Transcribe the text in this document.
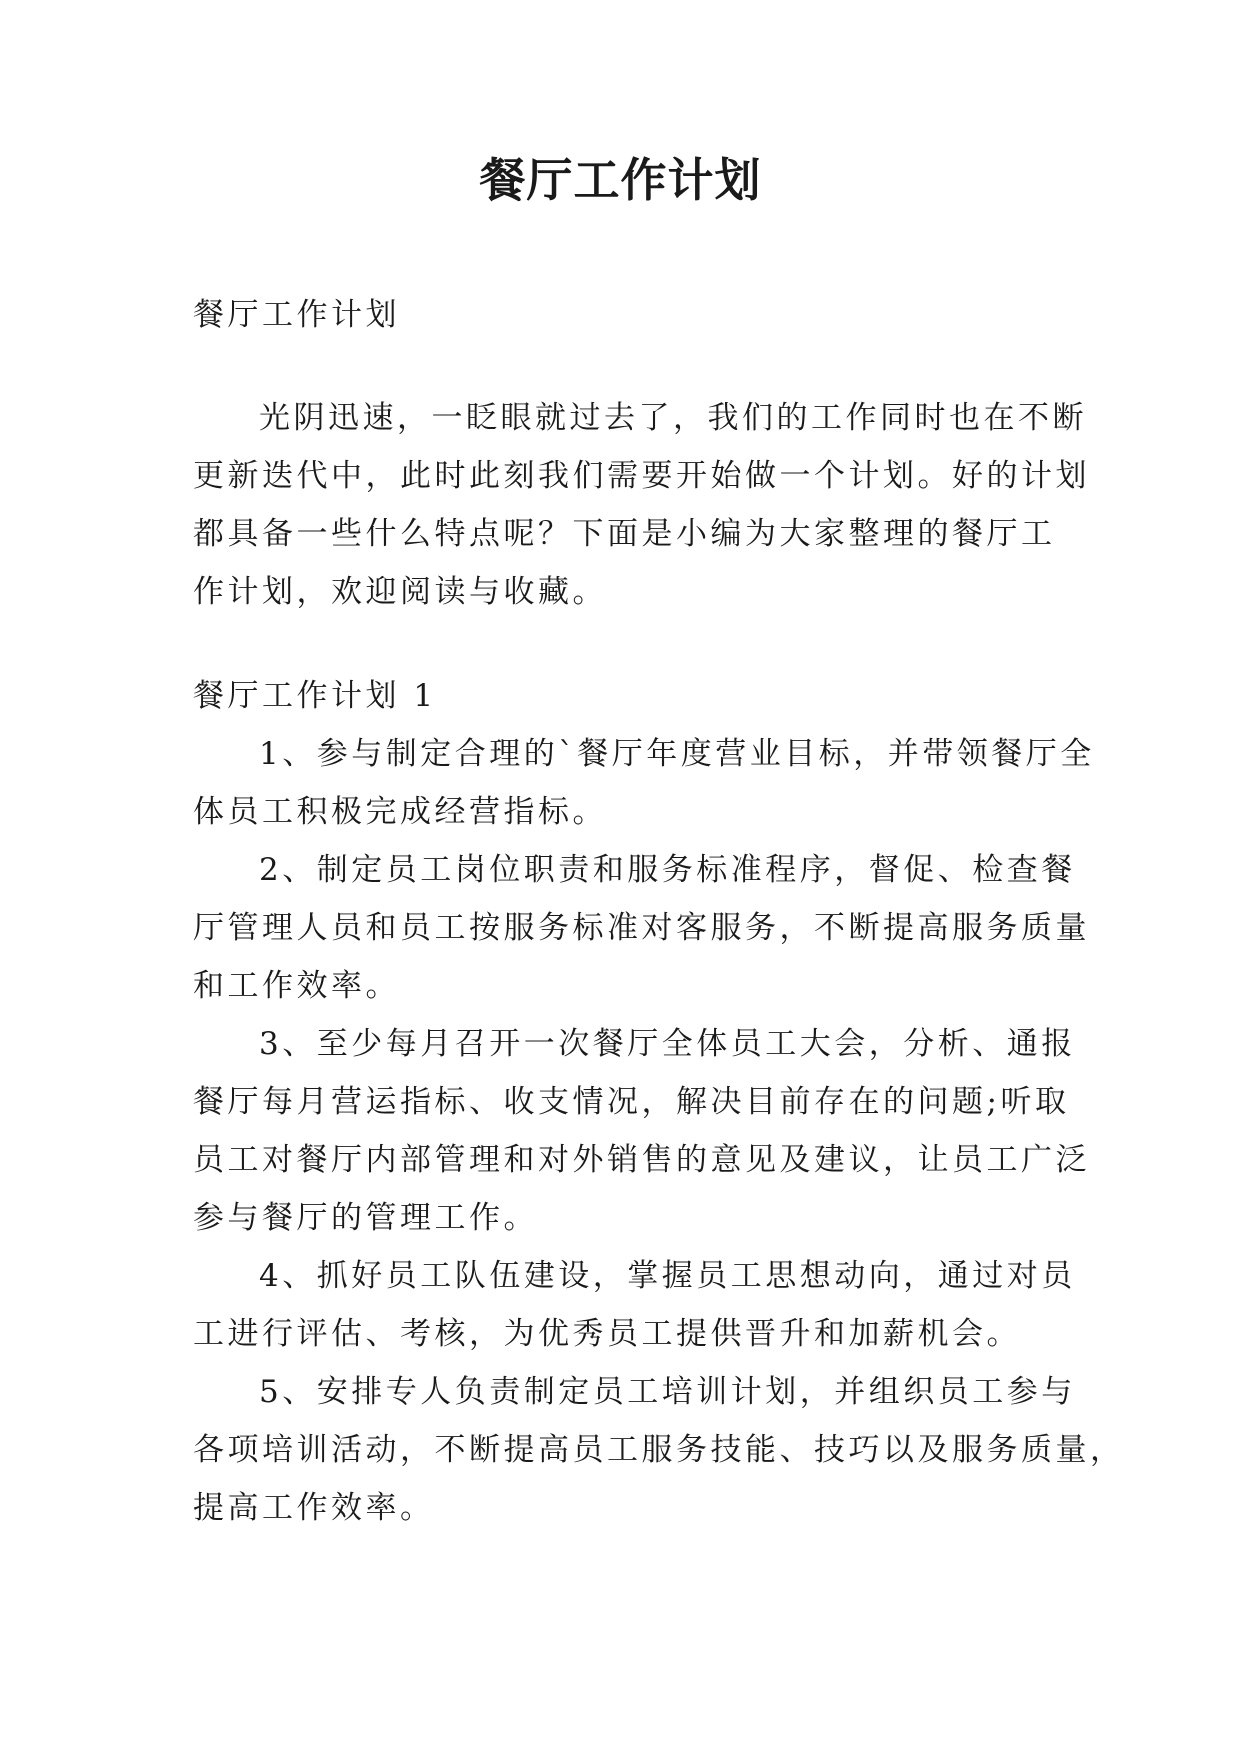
餐厅工作计划
餐厅工作计划
光阴迅速，一眨眼就过去了，我们的工作同时也在不断
更新迭代中，此时此刻我们需要开始做一个计划。好的计划
都具备一些什么特点呢？下面是小编为大家整理的餐厅工
作计划，欢迎阅读与收藏。
餐厅工作计划 1
1、参与制定合理的`餐厅年度营业目标，并带领餐厅全
体员工积极完成经营指标。
2、制定员工岗位职责和服务标准程序，督促、检查餐
厅管理人员和员工按服务标准对客服务，不断提高服务质量
和工作效率。
3、至少每月召开一次餐厅全体员工大会，分析、通报
餐厅每月营运指标、收支情况，解决目前存在的问题;听取
员工对餐厅内部管理和对外销售的意见及建议，让员工广泛
参与餐厅的管理工作。
4、抓好员工队伍建设，掌握员工思想动向，通过对员
工进行评估、考核，为优秀员工提供晋升和加薪机会。
5、安排专人负责制定员工培训计划，并组织员工参与
各项培训活动，不断提高员工服务技能、技巧以及服务质量，
提高工作效率。
